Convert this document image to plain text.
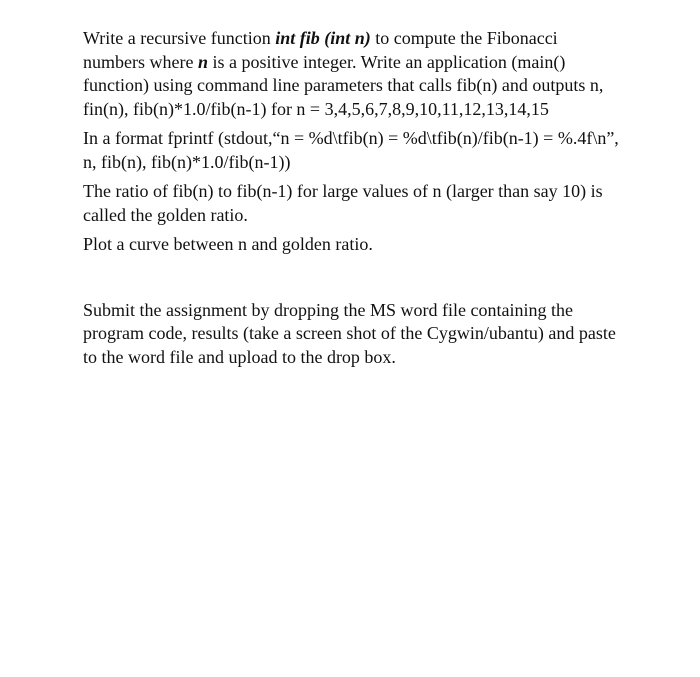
Write a recursive function int fib (int n) to compute the Fibonacci numbers where n is a positive integer. Write an application (main() function) using command line parameters that calls fib(n) and outputs n, fin(n), fib(n)*1.0/fib(n-1) for n = 3,4,5,6,7,8,9,10,11,12,13,14,15

In a format fprintf (stdout,“n = %d\tfib(n) = %d\tfib(n)/fib(n-1) = %.4f\n”, n, fib(n), fib(n)*1.0/fib(n-1))

The ratio of fib(n) to fib(n-1) for large values of n (larger than say 10) is called the golden ratio.

Plot a curve between n and golden ratio.

Submit the assignment by dropping the MS word file containing the program code, results (take a screen shot of the Cygwin/ubantu) and paste to the word file and upload to the drop box.
